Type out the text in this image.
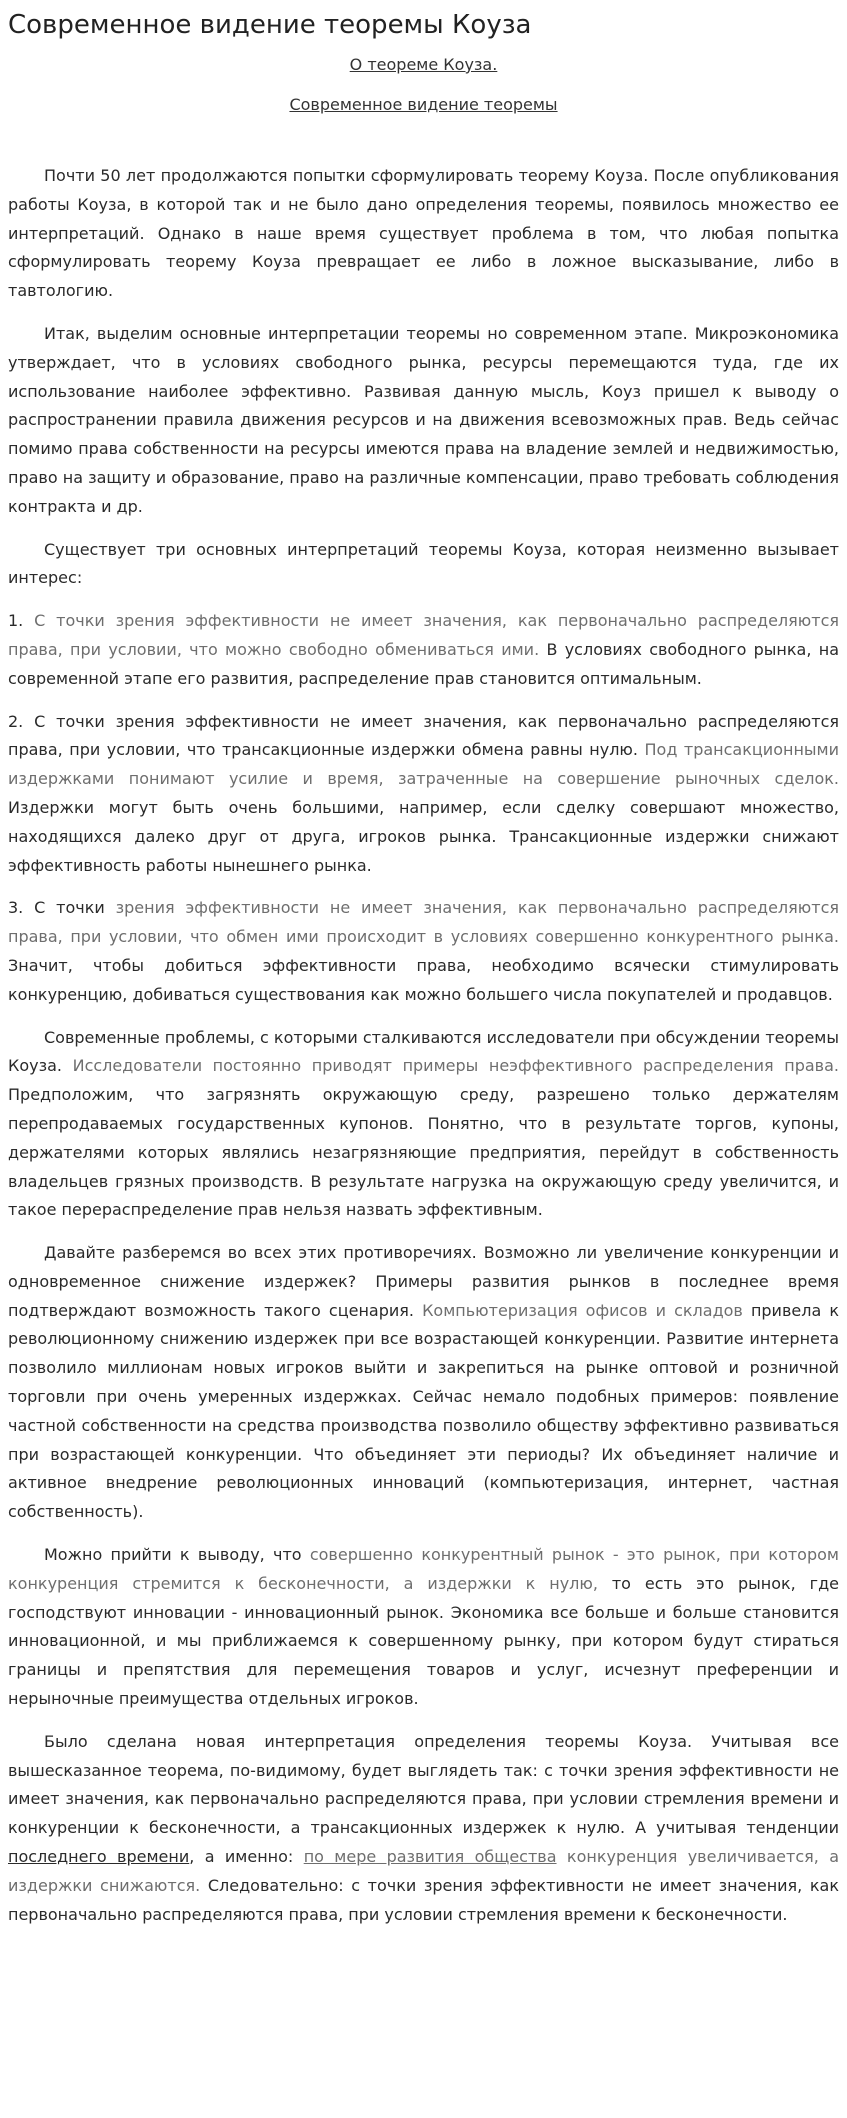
Современное видение теоремы Коуза
О теореме Коуза.
Современное видение теоремы

Почти 50 лет продолжаются попытки сформулировать теорему Коуза. После опубликования работы Коуза, в которой так и не было дано определения теоремы, появилось множество ее интерпретаций. Однако в наше время существует проблема в том, что любая попытка сформулировать теорему Коуза превращает ее либо в ложное высказывание, либо в тавтологию.

Итак, выделим основные интерпретации теоремы но современном этапе. Микроэкономика утверждает, что в условиях свободного рынка, ресурсы перемещаются туда, где их использование наиболее эффективно. Развивая данную мысль, Коуз пришел к выводу о распространении правила движения ресурсов и на движения всевозможных прав. Ведь сейчас помимо права собственности на ресурсы имеются права на владение землей и недвижимостью, право на защиту и образование, право на различные компенсации, право требовать соблюдения контракта и др.

Существует три основных интерпретаций теоремы Коуза, которая неизменно вызывает интерес:

1. С точки зрения эффективности не имеет значения, как первоначально распределяются права, при условии, что можно свободно обмениваться ими. В условиях свободного рынка, на современной этапе его развития, распределение прав становится оптимальным.

2. С точки зрения эффективности не имеет значения, как первоначально распределяются права, при условии, что трансакционные издержки обмена равны нулю. Под трансакционными издержками понимают усилие и время, затраченные на совершение рыночных сделок. Издержки могут быть очень большими, например, если сделку совершают множество, находящихся далеко друг от друга, игроков рынка. Трансакционные издержки снижают эффективность работы нынешнего рынка.

3. С точки зрения эффективности не имеет значения, как первоначально распределяются права, при условии, что обмен ими происходит в условиях совершенно конкурентного рынка. Значит, чтобы добиться эффективности права, необходимо всячески стимулировать конкуренцию, добиваться существования как можно большего числа покупателей и продавцов.

Современные проблемы, с которыми сталкиваются исследователи при обсуждении теоремы Коуза. Исследователи постоянно приводят примеры неэффективного распределения права. Предположим, что загрязнять окружающую среду, разрешено только держателям перепродаваемых государственных купонов. Понятно, что в результате торгов, купоны, держателями которых являлись незагрязняющие предприятия, перейдут в собственность владельцев грязных производств. В результате нагрузка на окружающую среду увеличится, и такое перераспределение прав нельзя назвать эффективным.

Давайте разберемся во всех этих противоречиях. Возможно ли увеличение конкуренции и одновременное снижение издержек? Примеры развития рынков в последнее время подтверждают возможность такого сценария. Компьютеризация офисов и складов привела к революционному снижению издержек при все возрастающей конкуренции. Развитие интернета позволило миллионам новых игроков выйти и закрепиться на рынке оптовой и розничной торговли при очень умеренных издержках. Сейчас немало подобных примеров: появление частной собственности на средства производства позволило обществу эффективно развиваться при возрастающей конкуренции. Что объединяет эти периоды? Их объединяет наличие и активное внедрение революционных инноваций (компьютеризация, интернет, частная собственность).

Можно прийти к выводу, что совершенно конкурентный рынок - это рынок, при котором конкуренция стремится к бесконечности, а издержки к нулю, то есть это рынок, где господствуют инновации - инновационный рынок. Экономика все больше и больше становится инновационной, и мы приближаемся к совершенному рынку, при котором будут стираться границы и препятствия для перемещения товаров и услуг, исчезнут преференции и нерыночные преимущества отдельных игроков.

Было сделана новая интерпретация определения теоремы Коуза. Учитывая все вышесказанное теорема, по-видимому, будет выглядеть так: с точки зрения эффективности не имеет значения, как первоначально распределяются права, при условии стремления времени и конкуренции к бесконечности, а трансакционных издержек к нулю. А учитывая тенденции последнего времени, а именно: по мере развития общества конкуренция увеличивается, а издержки снижаются. Следовательно: с точки зрения эффективности не имеет значения, как первоначально распределяются права, при условии стремления времени к бесконечности.
